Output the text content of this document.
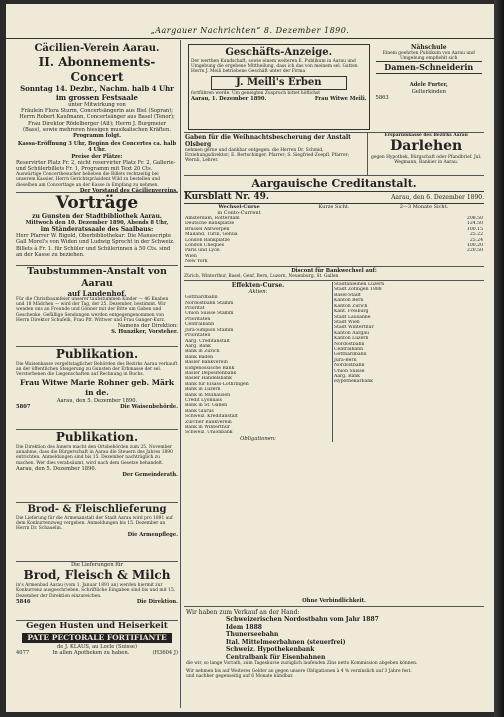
„Aargauer Nachrichten“ 8. Dezember 1890.
Cäcilien-Verein Aarau.
II. Abonnements-Concert
Sonntag 14. Dezbr., Nachm. halb 4 Uhr
im grossen Festsaale
unter Mitwirkung von
Fräulein Flora Sturm, Concertsängerin aus Biel (Sopran);
Herrn Robert Kaufmann, Concertsänger aus Basel (Tenor);
Frau Direktor Rödelberger (Alt); Herrn J. Burgmeier
(Bass), sowie mehreren hiesigen musikalischen Kräften.
Programm folgt.
Kassa-Eröffnung 3 Uhr, Beginn des Concertes ca. halb 4 Uhr.
Preise der Plätze:
Reservirter Platz Fr. 2, nicht reservirter Platz Fr. 2, Gallerie- und Schülerbillets Fr. 1, Programm mit Text 20 Cts.
Auswärtige Concertbesucher belieben die Billets rechtzeitig bei unserem Kassier, Herrn Gerichtspräsident Wild zu bestellen und dieselben am Concerttage an der Kasse in Empfang zu nehmen.
Der Vorstand des Cäcilienvereins.
Vorträge
zu Gunsten der Stadtbibliothek Aarau.
Mittwoch den 10. Dezember 1890, Abends 8 Uhr,
im Ständeratssaale des Saalbaus:
Herr Pfarrer W. Bigold, Oberbibliothekar: Die Manuscripte Gall Morel's von Widen und Ludwig Sprecht in der Schweiz.
Billets à Fr. 1. für Schüler und Schülerinnen à 50 Cts. sind an der Kasse zu beziehen.
Taubstummen-Anstalt von Aarau
auf Landenhof.
Für die Christbaumfeier unserer taubstummen Kinder — 46 Knaben und 18 Mädchen — wird der Tag, der 25. Dezember, bestimmt. Wir wenden uns an Freunde und Gönner mit der Bitte um Gaben und Geschenke. Gefällige Sendungen werden entgegengenommen von Herrn Direktor Schufelli, Frau Pfr. Wittwer und Frau Ganger-Kurz.
Namens der Direktion:
S. Hunziker, Vorsteher.
Publikation.
Die Waisenkasse vergeltstaglicher Behörden des Bezirks Aarau verkauft an der öffentlichen Steigerung zu Gunsten der Erbmasse der sel. Verstorbenen die Liegenschaften auf Rechnung in Buchs.
Frau Witwe Marie Rohner geb. Märk in de.
Aarau, den 5. Dezember 1890.
5807	Die Waisenbehörde.
Publikation.
Die Direktion des Innern macht den Ortsbehörden zum 25. November annahme, dass die Bürgerschaft in Aarau die Steuern des Jahres 1890 entrichten. Anmeldungen sind bis 15. Dezember nachträglich zu machen. Wer dies verabsäumt, wird nach dem Gesetze behandelt.
Aarau, den 5. Dezember 1890.
Der Gemeinderath.
Brod- & Fleischlieferung
Die Lieferung für die Armenanstalt der Stadt Aarau wird pro 1891 auf dem Konkurrenzweg vergeben. Anmeldungen bis 15. Dezember an Herrn Dr. Schauelin.
Die Armenpflege.
Die Lieferungen für
Brod, Fleisch & Milch
in's Armenbad Aarau (vom 1. Januar 1891 an) werden hiermit zur Konkurrenz ausgeschrieben. Schriftliche Eingaben sind bis und mit 15. Dezember der Direktion einzureichen.
5846	Die Direktion.
Gegen Husten und Heiserkeit
PATE PECTORALE FORTIFIANTE
de J. KLAUS, au Locle (Suisse)
4077	In allen Apotheken zu haben.	(H3604 J)
Geschäfts-Anzeige.
Der werthen Kundschaft, sowie einem weiteren E. Publikum in Aarau und Umgebung die ergebene Mittheilung, dass ich das von meinem sel. Gatten Herrn J. Meili betriebene Geschäft unter der Firma
J. Meili's Erben
fortführen werde. Um geneigten Zuspruch bittet höflichst
Aarau, 1. Dezember 1890.	Frau Witwe Meili.
Nähschule
Einem geehrten Publikum von Aarau und Umgebung empfiehlt sich
Damen-Schneiderin
Adele Furter,
Gelterkinden
5863
Gaben für die Weihnachtsbescherung der Anstalt Olsberg
nehmen gerne und dankbar entgegen: die Herren Dr. Schmid, Erziehungsdirektor; E. Bertschinger, Pfarrer; S. Siegfried-Zoepfl, Pfarrer; Wernli, Lehrer.
Ersparniskasse des Bezirks Aarau
Darlehen
gegen Hypothek, Bürgschaft oder Pfandbrief. Jul. Wegmann, Bankier in Aarau.
Aargauische Creditanstalt.
Kursblatt Nr. 49.	Aarau, den 6. Dezember 1890.
Wechsel-Curse
in Conto-Current
Kurze Sicht.	2—3 Monate Sicht.
Amsterdam, Rotterdam	208.50
Deutsche Bankplätze	124.50
Brüssel Antwerpen	100.15
Mailand, Turin, Genua	25.22
London Bankplätze	25.24
London Cheques	100.20
Paris und Lyon	220.50
Wien	
New York	
Discont für Bankwechsel auf:
Zürich, Winterthur, Basel, Genf, Bern, Luzern, Neuenburg, St. Gallen
Effekten-Curse.
Aktien:
Gotthardbahn
Nordostbahn Stamm
Priorität
Union Suisse Stamm
Prioritäten
Centralbahn
Jura-Simplon Stamm
Prioritäten

Aarg. Creditanstalt
Aarg. Bank
Bank in Zürich
Bank Baden
Basler Bankverein
Eidgenössische Bank
Basler Depositenbank
Basler Handelsbank
Bank für Elsass-Lothringen
Bank in Luzern
Bank in Mülhausen
Credit Lyonnais
Bank in St. Gallen
Bank Glarus
Schweiz. Kreditanstalt
Zürcher Bankverein
Bank in Winterthur
Schweiz. Unionbank
Obligationen:
Stadtanleihen Luzern
Stadt Zofingen 1888
Basel-Stadt
Kanton Bern
Kanton Zürich
Kant. Freiburg
Stadt Lausanne
Stadt Wien
Stadt Winterthur
Kanton Aargau
Kanton Luzern
Nordostbahn
Centralbahn
Gotthardbahn
Jura-Bern
Nordostbahn
Union Suisse
Aarg. Bank
Hypothekarbank
Ohne Verbindlichkeit.
Wir haben zum Verkauf an der Hand:
Schweizerischen Nordostbahn vom Jahr 1887
Idem 1888
Thunerseebahn
Ital. Mittelmeerbahnen (steuerfrei)
Schweiz. Hypothekenbank
Centralbank für Eisenbahnen
die wir, so lange Vorrath, zum Tageskurse zuzüglich laufenden Zins netto Kommission abgeben können.
Wir nehmen bis auf Weiteres Gelder an gegen unsere Obligationen à 4 % verzinslich auf 3 Jahre fest.
und nachher gegenseitig auf 6 Monate kündbar.
